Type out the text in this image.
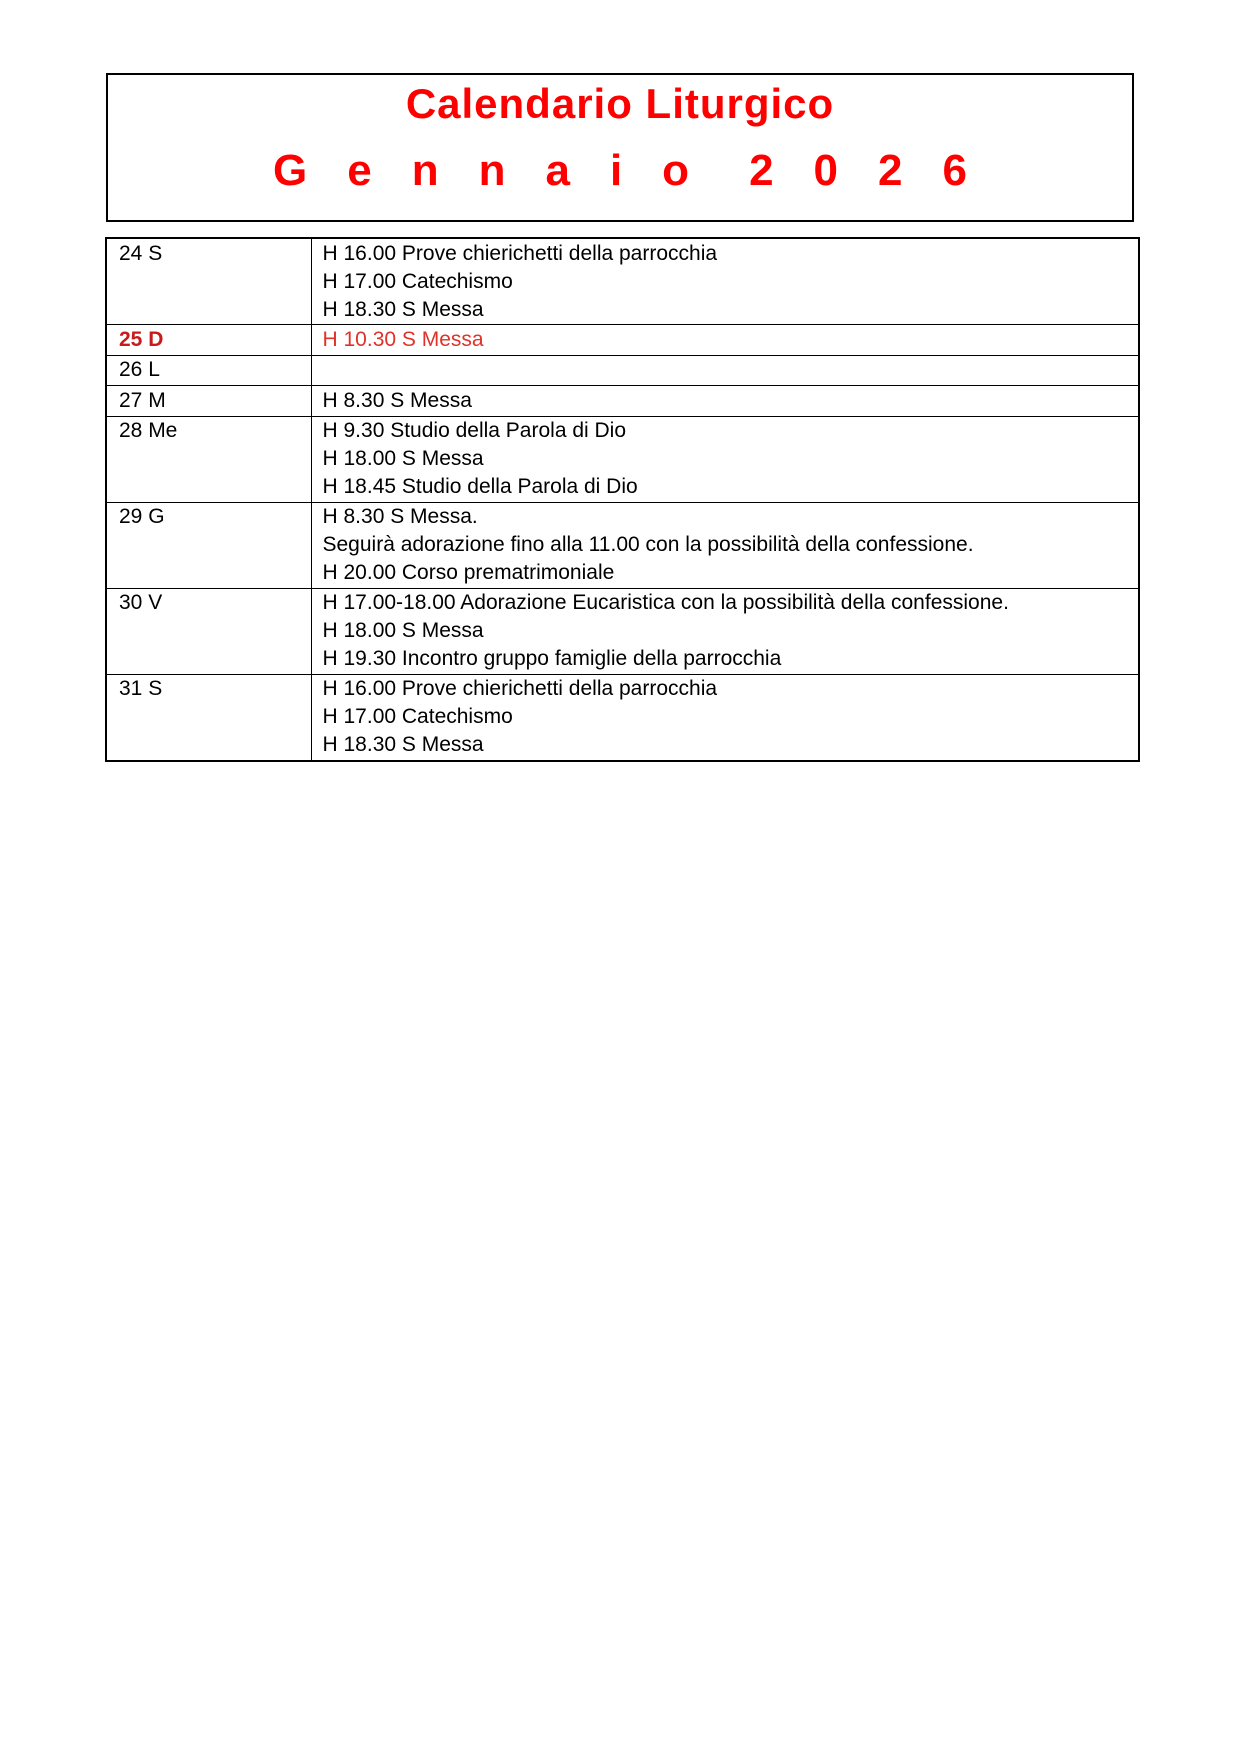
Calendario Liturgico
Gennaio 2026
24 S	H 16.00 Prove chierichetti della parrocchia
H 17.00 Catechismo
H 18.30 S Messa

25 D	H 10.30 S Messa

26 L	
27 M	H 8.30 S Messa

28 Me	H 9.30 Studio della Parola di Dio
H 18.00 S Messa
H 18.45 Studio della Parola di Dio

29 G	H 8.30 S Messa.
Seguirà adorazione fino alla 11.00 con la possibilità della confessione.
H 20.00 Corso prematrimoniale

30 V	H 17.00-18.00 Adorazione Eucaristica con la possibilità della confessione.
H 18.00 S Messa
H 19.30 Incontro gruppo famiglie della parrocchia

31 S	H 16.00 Prove chierichetti della parrocchia
H 17.00 Catechismo
H 18.30 S Messa
